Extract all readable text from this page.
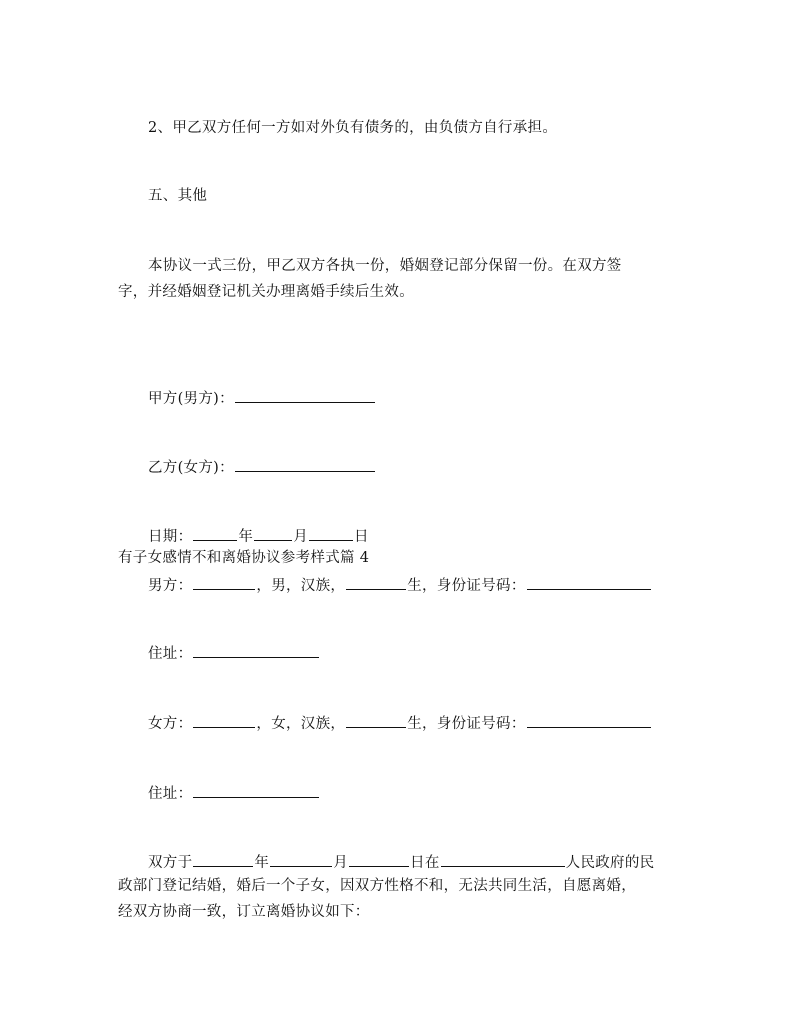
2、甲乙双方任何一方如对外负有债务的，由负债方自行承担。
五、其他
本协议一式三份，甲乙双方各执一份，婚姻登记部分保留一份。在双方签
字，并经婚姻登记机关办理离婚手续后生效。
甲方(男方)：
乙方(女方)：
日期：	年	月	日
有子女感情不和离婚协议参考样式篇 4
男方：	，男，汉族，	生，身份证号码：
住址：
女方：	，女，汉族，	生，身份证号码：
住址：
双方于	年	月	日在	人民政府的民
政部门登记结婚，婚后一个子女，因双方性格不和，无法共同生活，自愿离婚，
经双方协商一致，订立离婚协议如下：
